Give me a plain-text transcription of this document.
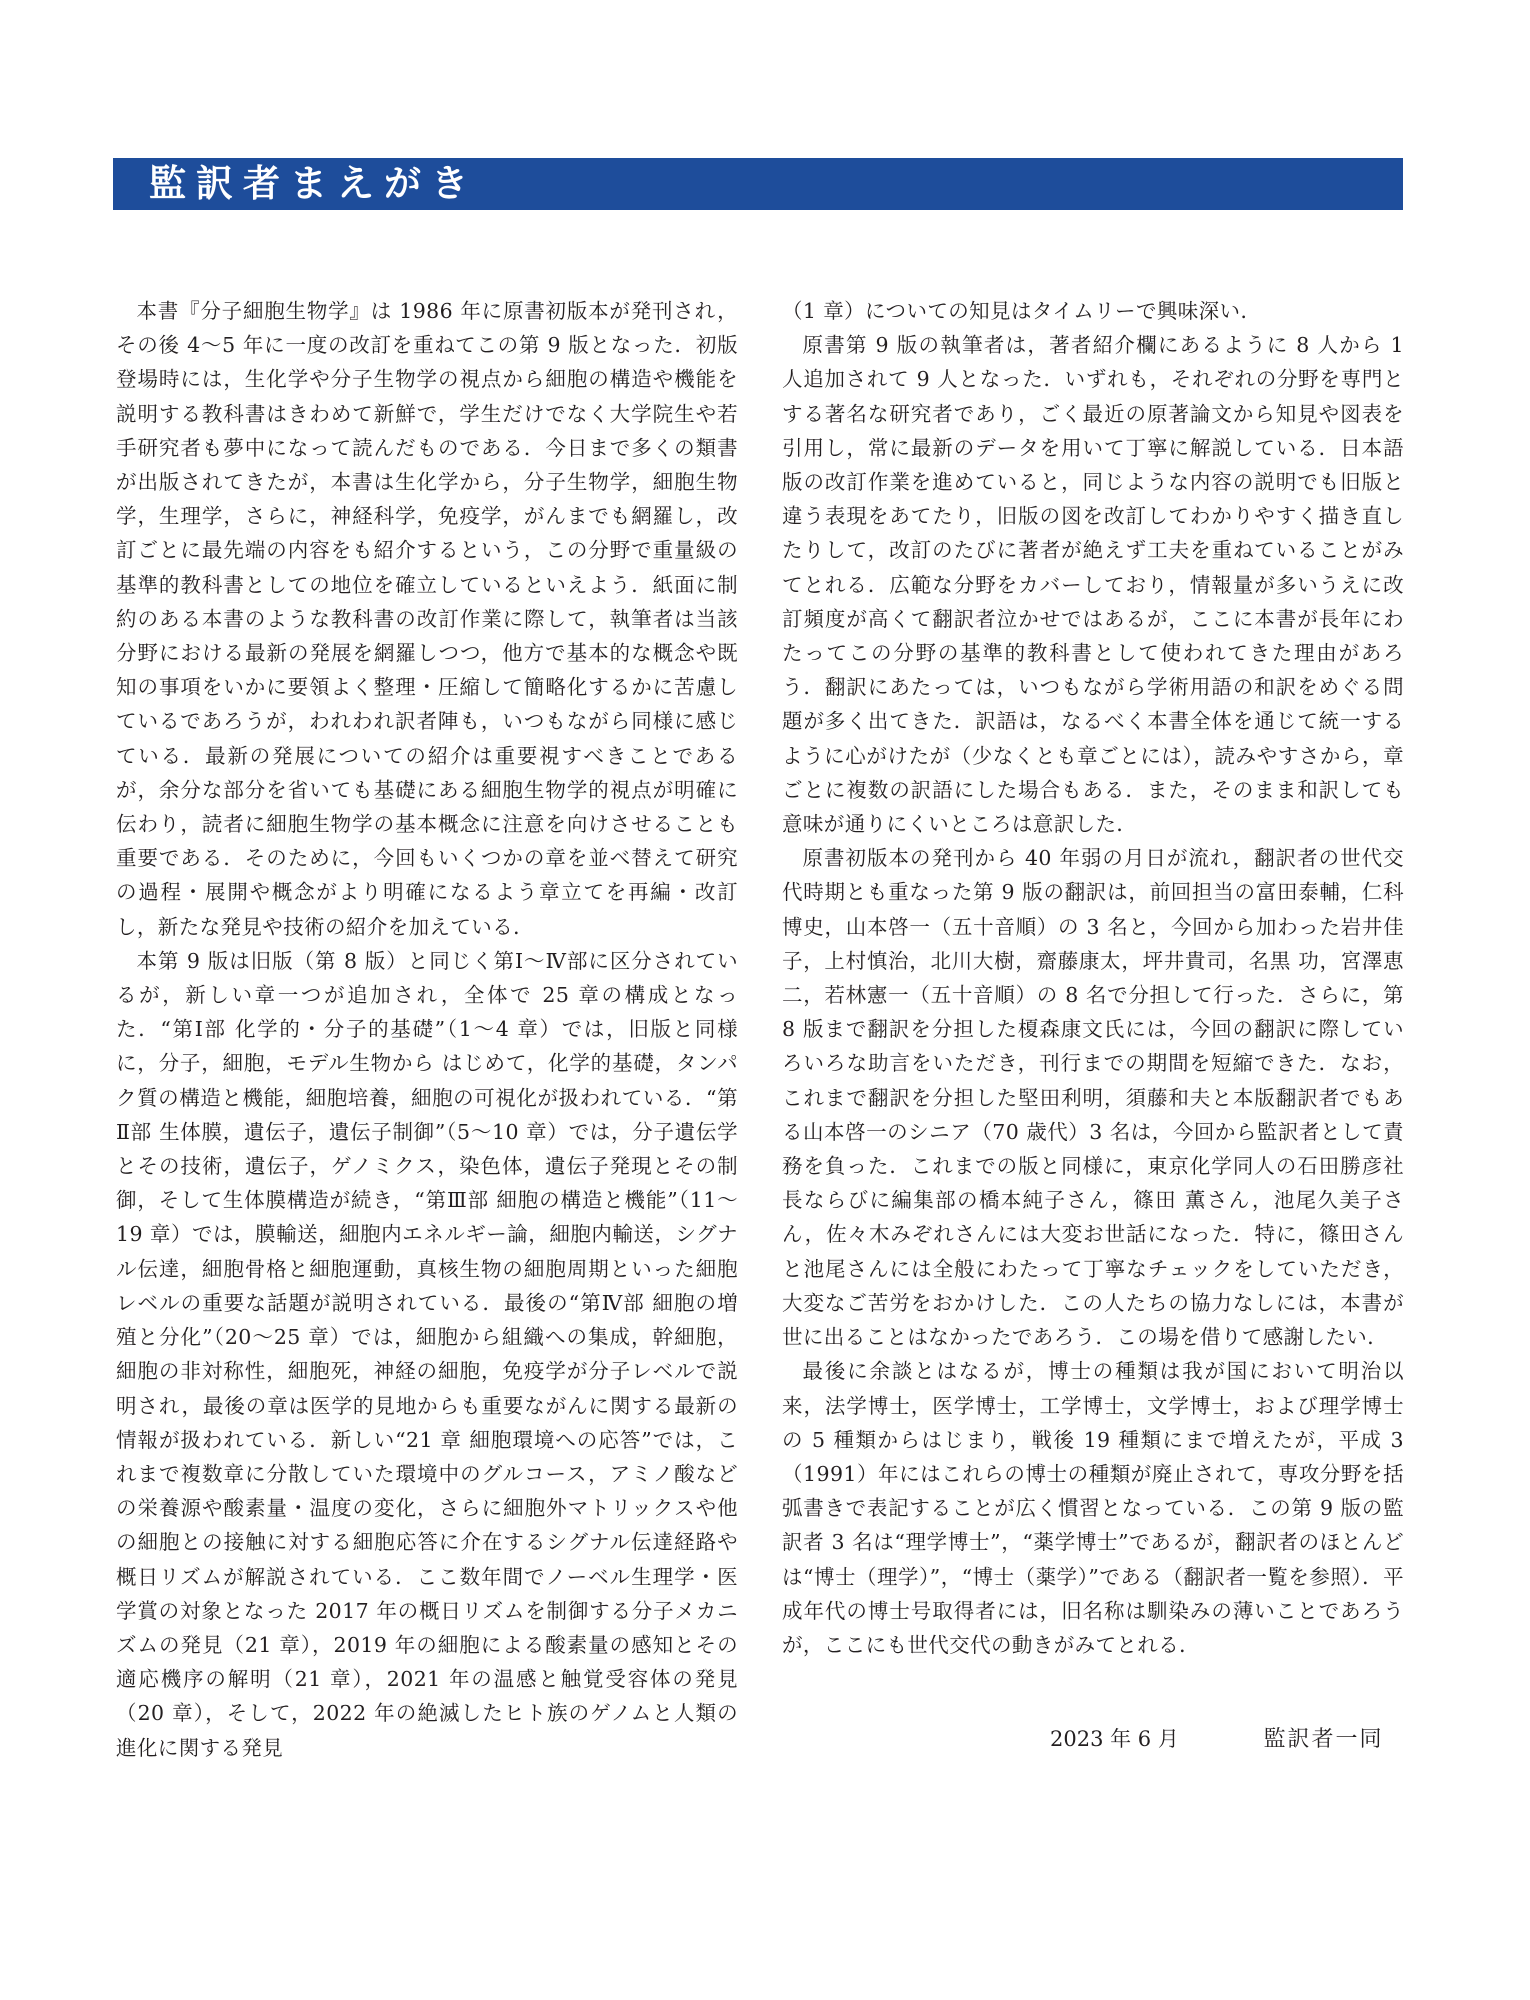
監訳者まえがき

本書『分子細胞生物学』は 1986 年に原書初版本が発刊され，その後 4〜5 年に一度の改訂を重ねてこの第 9 版となった．初版登場時には，生化学や分子生物学の視点から細胞の構造や機能を説明する教科書はきわめて新鮮で，学生だけでなく大学院生や若手研究者も夢中になって読んだものである．今日まで多くの類書が出版されてきたが，本書は生化学から，分子生物学，細胞生物学，生理学，さらに，神経科学，免疫学，がんまでも網羅し，改訂ごとに最先端の内容をも紹介するという，この分野で重量級の基準的教科書としての地位を確立しているといえよう．紙面に制約のある本書のような教科書の改訂作業に際して，執筆者は当該分野における最新の発展を網羅しつつ，他方で基本的な概念や既知の事項をいかに要領よく整理・圧縮して簡略化するかに苦慮しているであろうが，われわれ訳者陣も，いつもながら同様に感じている．最新の発展についての紹介は重要視すべきことであるが，余分な部分を省いても基礎にある細胞生物学的視点が明確に伝わり，読者に細胞生物学の基本概念に注意を向けさせることも重要である．そのために，今回もいくつかの章を並べ替えて研究の過程・展開や概念がより明確になるよう章立てを再編・改訂し，新たな発見や技術の紹介を加えている．

本第 9 版は旧版（第 8 版）と同じく第Ⅰ〜Ⅳ部に区分されているが，新しい章一つが追加され，全体で 25 章の構成となった．“第Ⅰ部 化学的・分子的基礎”（1〜4 章）では，旧版と同様に，分子，細胞，モデル生物から はじめて，化学的基礎，タンパク質の構造と機能，細胞培養，細胞の可視化が扱われている．“第Ⅱ部 生体膜，遺伝子，遺伝子制御”（5〜10 章）では，分子遺伝学とその技術，遺伝子，ゲノミクス，染色体，遺伝子発現とその制御，そして生体膜構造が続き，“第Ⅲ部 細胞の構造と機能”（11〜19 章）では，膜輸送，細胞内エネルギー論，細胞内輸送，シグナル伝達，細胞骨格と細胞運動，真核生物の細胞周期といった細胞レベルの重要な話題が説明されている．最後の“第Ⅳ部 細胞の増殖と分化”（20〜25 章）では，細胞から組織への集成，幹細胞，細胞の非対称性，細胞死，神経の細胞，免疫学が分子レベルで説明され，最後の章は医学的見地からも重要ながんに関する最新の情報が扱われている．新しい“21 章 細胞環境への応答”では，これまで複数章に分散していた環境中のグルコース，アミノ酸などの栄養源や酸素量・温度の変化，さらに細胞外マトリックスや他の細胞との接触に対する細胞応答に介在するシグナル伝達経路や概日リズムが解説されている．ここ数年間でノーベル生理学・医学賞の対象となった 2017 年の概日リズムを制御する分子メカニズムの発見（21 章），2019 年の細胞による酸素量の感知とその適応機序の解明（21 章），2021 年の温感と触覚受容体の発見（20 章），そして，2022 年の絶滅したヒト族のゲノムと人類の進化に関する発見

（1 章）についての知見はタイムリーで興味深い．

原書第 9 版の執筆者は，著者紹介欄にあるように 8 人から 1 人追加されて 9 人となった．いずれも，それぞれの分野を専門とする著名な研究者であり，ごく最近の原著論文から知見や図表を引用し，常に最新のデータを用いて丁寧に解説している．日本語版の改訂作業を進めていると，同じような内容の説明でも旧版と違う表現をあてたり，旧版の図を改訂してわかりやすく描き直したりして，改訂のたびに著者が絶えず工夫を重ねていることがみてとれる．広範な分野をカバーしており，情報量が多いうえに改訂頻度が高くて翻訳者泣かせではあるが，ここに本書が長年にわたってこの分野の基準的教科書として使われてきた理由があろう．翻訳にあたっては，いつもながら学術用語の和訳をめぐる問題が多く出てきた．訳語は，なるべく本書全体を通じて統一するように心がけたが（少なくとも章ごとには），読みやすさから，章ごとに複数の訳語にした場合もある．また，そのまま和訳しても意味が通りにくいところは意訳した．

原書初版本の発刊から 40 年弱の月日が流れ，翻訳者の世代交代時期とも重なった第 9 版の翻訳は，前回担当の富田泰輔，仁科博史，山本啓一（五十音順）の 3 名と，今回から加わった岩井佳子，上村慎治，北川大樹，齋藤康太，坪井貴司，名黒 功，宮澤恵二，若林憲一（五十音順）の 8 名で分担して行った．さらに，第 8 版まで翻訳を分担した榎森康文氏には，今回の翻訳に際していろいろな助言をいただき，刊行までの期間を短縮できた．なお，これまで翻訳を分担した堅田利明，須藤和夫と本版翻訳者でもある山本啓一のシニア（70 歳代）3 名は，今回から監訳者として責務を負った．これまでの版と同様に，東京化学同人の石田勝彦社長ならびに編集部の橋本純子さん，篠田 薫さん，池尾久美子さん，佐々木みぞれさんには大変お世話になった．特に，篠田さんと池尾さんには全般にわたって丁寧なチェックをしていただき，大変なご苦労をおかけした．この人たちの協力なしには，本書が世に出ることはなかったであろう．この場を借りて感謝したい．

最後に余談とはなるが，博士の種類は我が国において明治以来，法学博士，医学博士，工学博士，文学博士，および理学博士の 5 種類からはじまり，戦後 19 種類にまで増えたが，平成 3（1991）年にはこれらの博士の種類が廃止されて，専攻分野を括弧書きで表記することが広く慣習となっている．この第 9 版の監訳者 3 名は“理学博士”，“薬学博士”であるが，翻訳者のほとんどは“博士（理学）”，“博士（薬学）”である（翻訳者一覧を参照）．平成年代の博士号取得者には，旧名称は馴染みの薄いことであろうが，ここにも世代交代の動きがみてとれる．

2023 年 6 月	監訳者一同
